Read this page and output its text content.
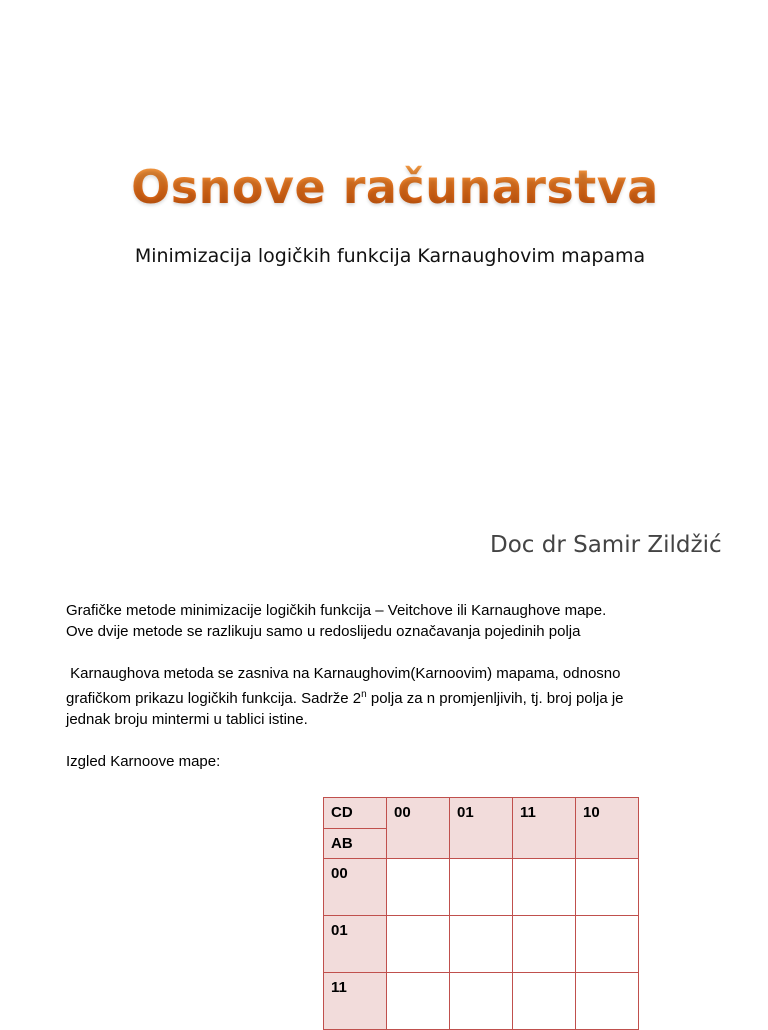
Osnove računarstva
Minimizacija logičkih funkcija Karnaughovim mapama
Doc dr Samir Zildžić

Grafičke metode minimizacije logičkih funkcija – Veitchove ili Karnaughove mape.

Ove dvije metode se razlikuju samo u redoslijedu označavanja pojedinih polja

Karnaughova metoda se zasniva na Karnaughovim(Karnoovim) mapama, odnosno

grafičkom prikazu logičkih funkcija. Sadrže 2$^n$ polja za n promjenljivih, tj. broj polja je

jednak broju mintermi u tablici istine.

Izgled Karnoove mape:

CD	00	01	11	10
AB				
00				
01				
11				
